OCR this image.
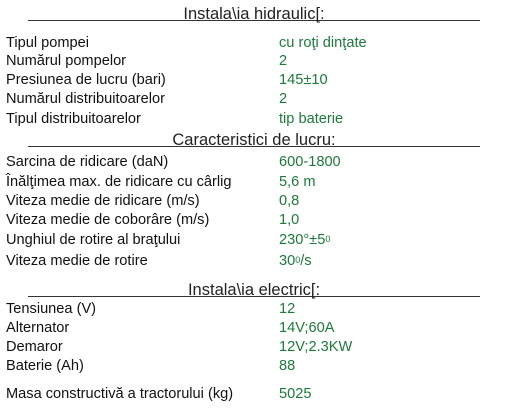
Instala\ia hidraulic[:
Tipul pompei	cu roţi dinţate
Numărul pompelor	2
Presiunea de lucru (bari)	145±10
Numărul distribuitoarelor	2
Tipul distribuitoarelor	tip baterie
Caracteristici de lucru:
Sarcina de ridicare (daN)	600-1800
Înălţimea max. de ridicare cu cârlig	5,6 m
Viteza medie de ridicare (m/s)	0,8
Viteza medie de coborâre (m/s)	1,0
Unghiul de rotire al braţului	$230^\circ\pm 5^0$
Viteza medie de rotire	$30^0/s$
Instala\ia electric[:
Tensiunea (V)	12
Alternator	14V;60A
Demaror	12V;2.3KW
Baterie (Ah)	88
Masa constructivă a tractorului (kg)	5025
